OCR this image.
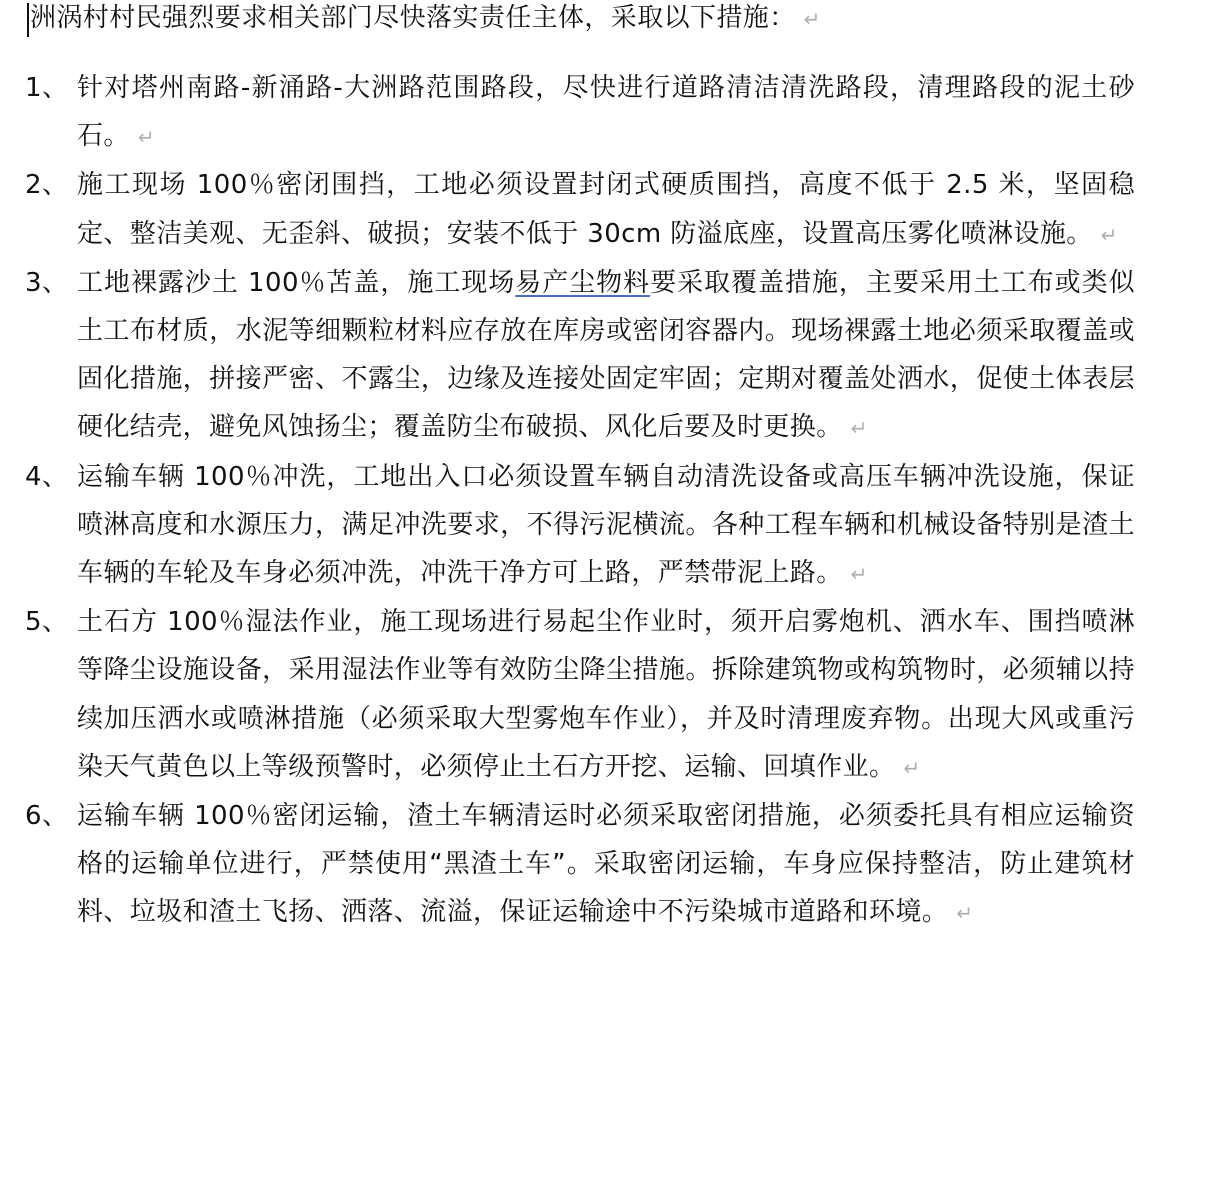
洲涡村村民强烈要求相关部门尽快落实责任主体，采取以下措施： ↵
1、 针对塔州南路-新涌路-大洲路范围路段，尽快进行道路清洁清洗路段，清理路段的泥土砂石。 ↵
2、 施工现场 100％密闭围挡，工地必须设置封闭式硬质围挡，高度不低于 2.5 米，坚固稳定、整洁美观、无歪斜、破损；安装不低于 30cm 防溢底座，设置高压雾化喷淋设施。 ↵
3、 工地裸露沙土 100％苫盖，施工现场易产尘物料要采取覆盖措施，主要采用土工布或类似土工布材质，水泥等细颗粒材料应存放在库房或密闭容器内。现场裸露土地必须采取覆盖或固化措施，拼接严密、不露尘，边缘及连接处固定牢固；定期对覆盖处洒水，促使土体表层硬化结壳，避免风蚀扬尘；覆盖防尘布破损、风化后要及时更换。 ↵
4、 运输车辆 100％冲洗，工地出入口必须设置车辆自动清洗设备或高压车辆冲洗设施，保证喷淋高度和水源压力，满足冲洗要求，不得污泥横流。各种工程车辆和机械设备特别是渣土车辆的车轮及车身必须冲洗，冲洗干净方可上路，严禁带泥上路。 ↵
5、 土石方 100％湿法作业，施工现场进行易起尘作业时，须开启雾炮机、洒水车、围挡喷淋等降尘设施设备，采用湿法作业等有效防尘降尘措施。拆除建筑物或构筑物时，必须辅以持续加压洒水或喷淋措施（必须采取大型雾炮车作业），并及时清理废弃物。出现大风或重污染天气黄色以上等级预警时，必须停止土石方开挖、运输、回填作业。 ↵
6、 运输车辆 100％密闭运输，渣土车辆清运时必须采取密闭措施，必须委托具有相应运输资格的运输单位进行，严禁使用“黑渣土车”。采取密闭运输，车身应保持整洁，防止建筑材料、垃圾和渣土飞扬、洒落、流溢，保证运输途中不污染城市道路和环境。 ↵
